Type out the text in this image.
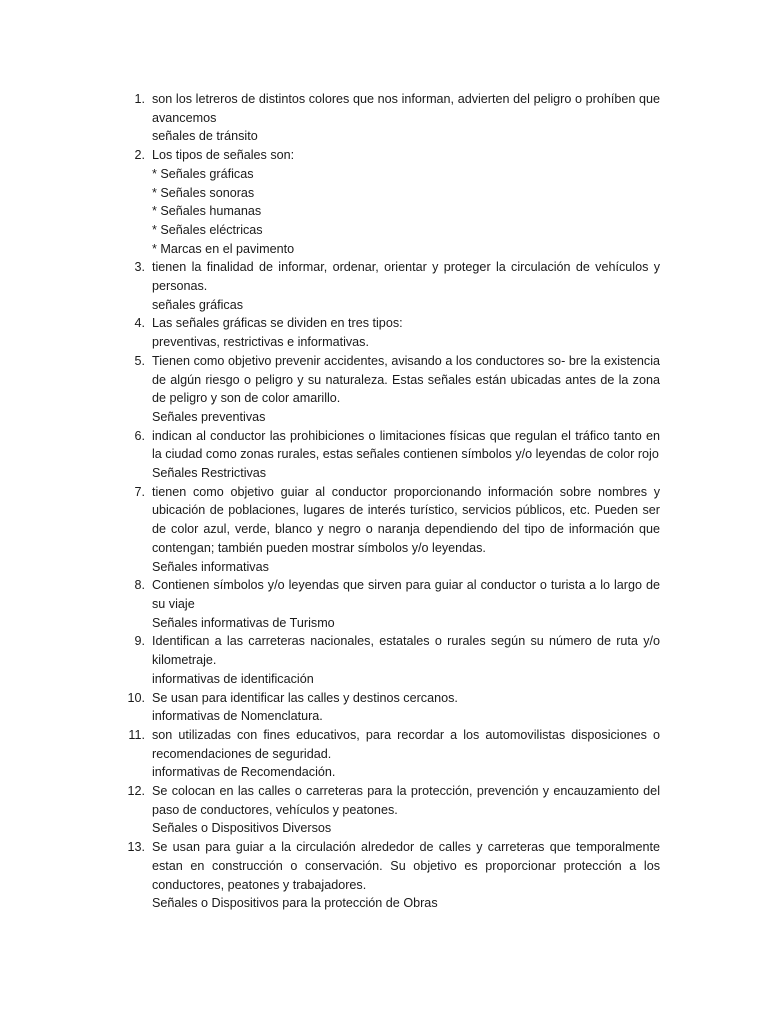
1. son los letreros de distintos colores que nos informan, advierten del peligro o prohíben que avancemos
señales de tránsito
2. Los tipos de señales son:
* Señales gráficas
* Señales sonoras
* Señales humanas
* Señales eléctricas
* Marcas en el pavimento
3. tienen la finalidad de informar, ordenar, orientar y proteger la circulación de vehículos y personas.
señales gráficas
4. Las señales gráficas se dividen en tres tipos:
preventivas, restrictivas e informativas.
5. Tienen como objetivo prevenir accidentes, avisando a los conductores so- bre la existencia de algún riesgo o peligro y su naturaleza. Estas señales están ubicadas antes de la zona de peligro y son de color amarillo.
Señales preventivas
6. indican al conductor las prohibiciones o limitaciones físicas que regulan el tráfico tanto en la ciudad como zonas rurales, estas señales contienen símbolos y/o leyendas de color rojo
Señales Restrictivas
7. tienen como objetivo guiar al conductor proporcionando información sobre nombres y ubicación de poblaciones, lugares de interés turístico, servicios públicos, etc. Pueden ser de color azul, verde, blanco y negro o naranja dependiendo del tipo de información que contengan; también pueden mostrar símbolos y/o leyendas.
Señales informativas
8. Contienen símbolos y/o leyendas que sirven para guiar al conductor o turista a lo largo de su viaje
Señales informativas de Turismo
9. Identifican a las carreteras nacionales, estatales o rurales según su número de ruta y/o kilometraje.
informativas de identificación
10. Se usan para identificar las calles y destinos cercanos.
informativas de Nomenclatura.
11. son utilizadas con fines educativos, para recordar a los automovilistas disposiciones o recomendaciones de seguridad.
informativas de Recomendación.
12. Se colocan en las calles o carreteras para la protección, prevención y encauzamiento del paso de conductores, vehículos y peatones.
Señales o Dispositivos Diversos
13. Se usan para guiar a la circulación alrededor de calles y carreteras que temporalmente estan en construcción o conservación. Su objetivo es proporcionar protección a los conductores, peatones y trabajadores.
Señales o Dispositivos para la protección de Obras
